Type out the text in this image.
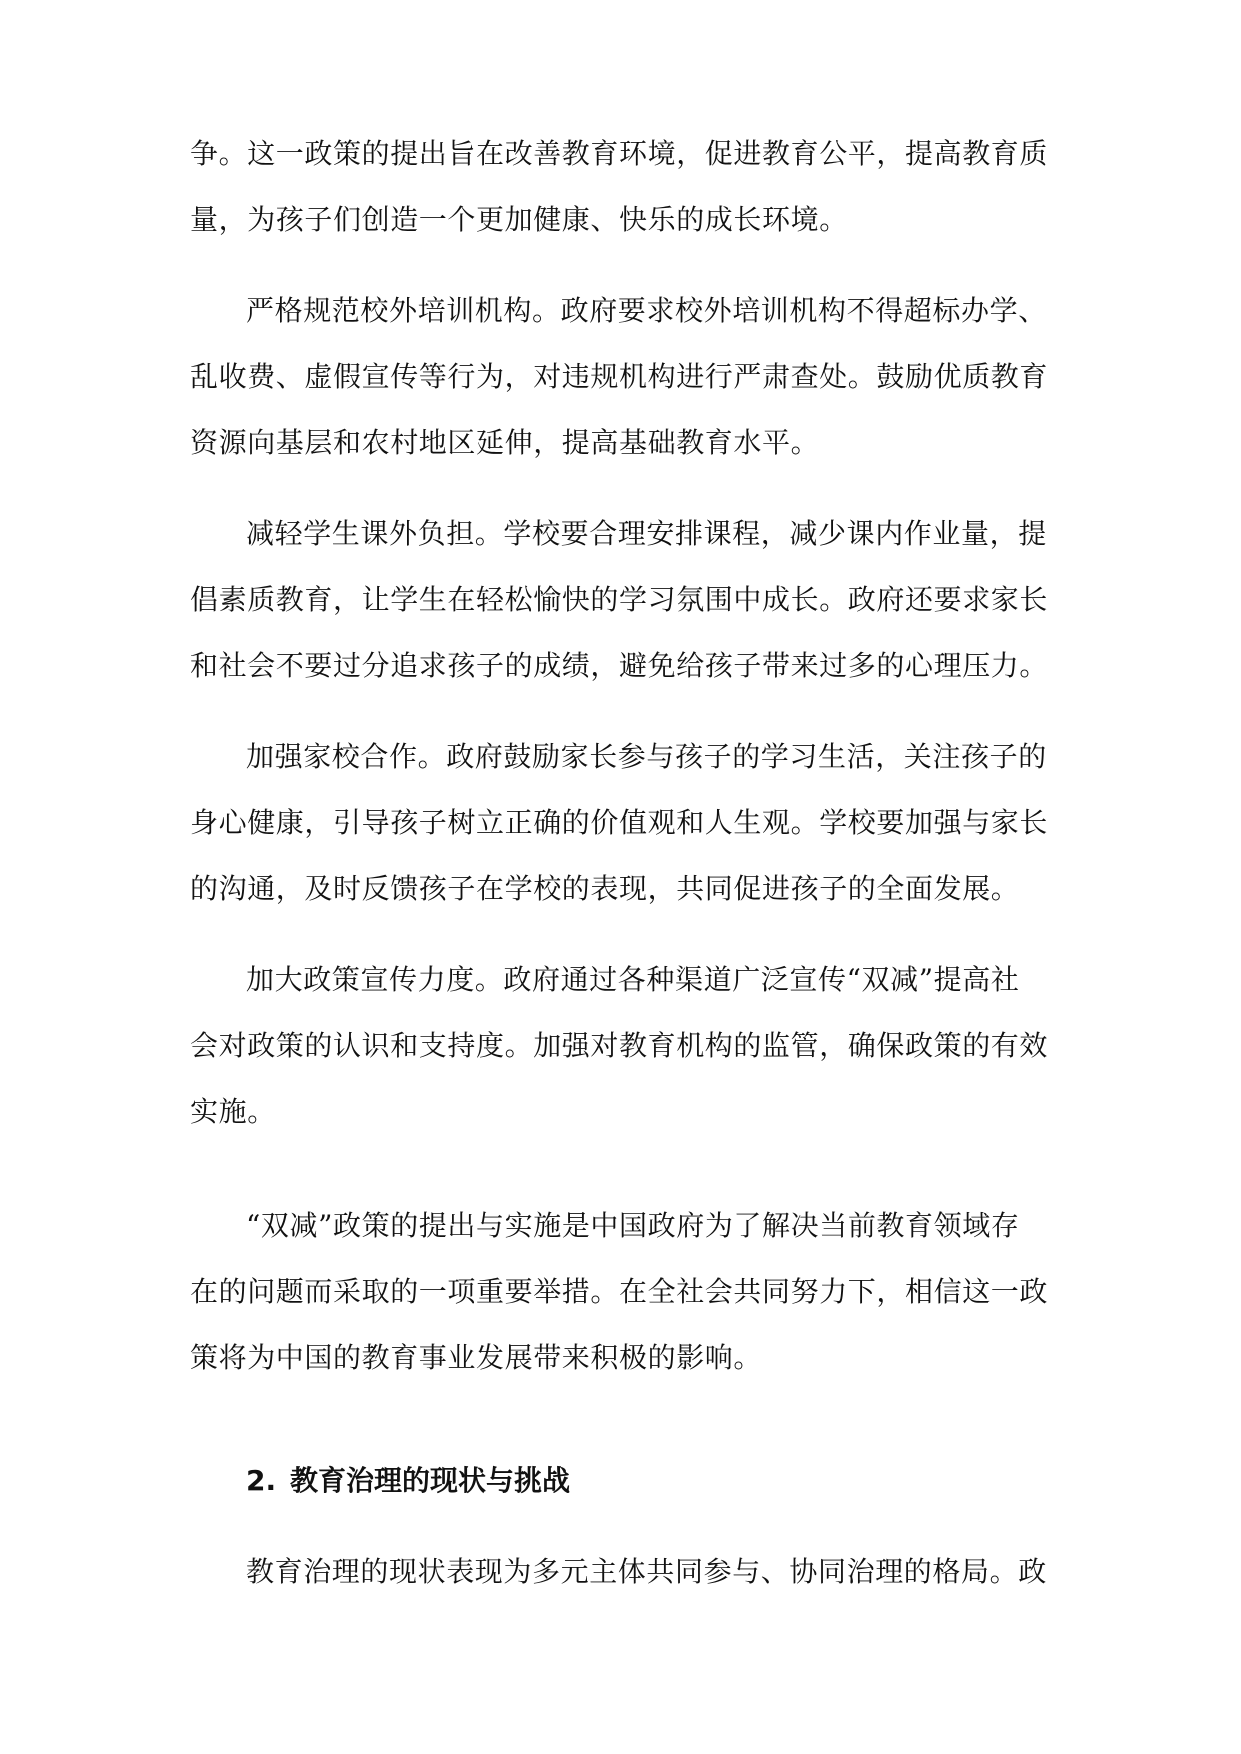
争。这一政策的提出旨在改善教育环境，促进教育公平，提高教育质
量，为孩子们创造一个更加健康、快乐的成长环境。
严格规范校外培训机构。政府要求校外培训机构不得超标办学、
乱收费、虚假宣传等行为，对违规机构进行严肃查处。鼓励优质教育
资源向基层和农村地区延伸，提高基础教育水平。
减轻学生课外负担。学校要合理安排课程，减少课内作业量，提
倡素质教育，让学生在轻松愉快的学习氛围中成长。政府还要求家长
和社会不要过分追求孩子的成绩，避免给孩子带来过多的心理压力。
加强家校合作。政府鼓励家长参与孩子的学习生活，关注孩子的
身心健康，引导孩子树立正确的价值观和人生观。学校要加强与家长
的沟通，及时反馈孩子在学校的表现，共同促进孩子的全面发展。
加大政策宣传力度。政府通过各种渠道广泛宣传“双减”提高社
会对政策的认识和支持度。加强对教育机构的监管，确保政策的有效
实施。
“双减”政策的提出与实施是中国政府为了解决当前教育领域存
在的问题而采取的一项重要举措。在全社会共同努力下，相信这一政
策将为中国的教育事业发展带来积极的影响。
2. 教育治理的现状与挑战
教育治理的现状表现为多元主体共同参与、协同治理的格局。政
